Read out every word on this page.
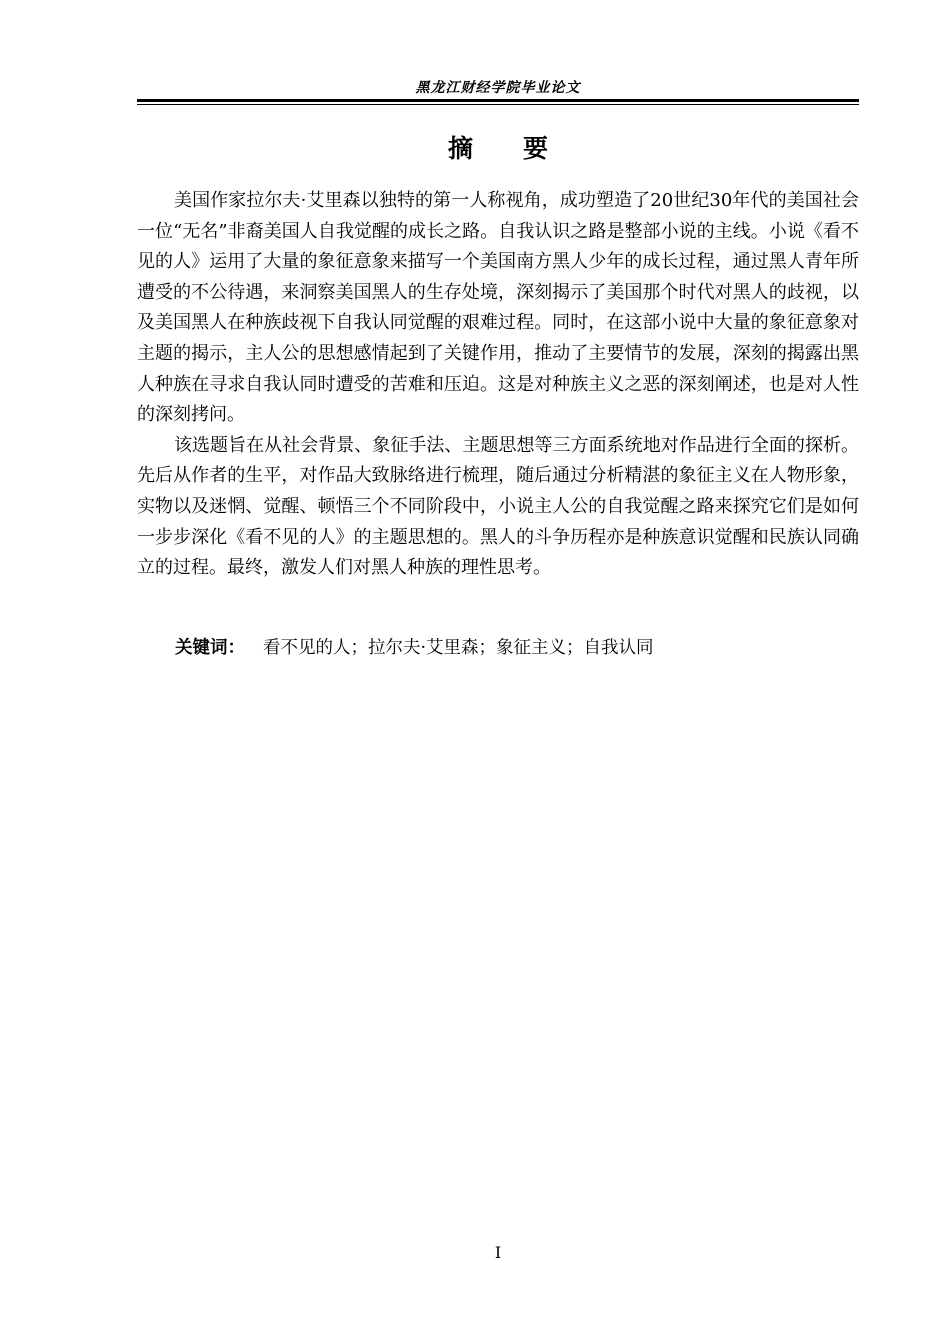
黑龙江财经学院毕业论文
摘　　要

美国作家拉尔夫·艾里森以独特的第一人称视角，成功塑造了20世纪30年代的美国社会一位“无名”非裔美国人自我觉醒的成长之路。自我认识之路是整部小说的主线。小说《看不见的人》运用了大量的象征意象来描写一个美国南方黑人少年的成长过程，通过黑人青年所遭受的不公待遇，来洞察美国黑人的生存处境，深刻揭示了美国那个时代对黑人的歧视，以及美国黑人在种族歧视下自我认同觉醒的艰难过程。同时，在这部小说中大量的象征意象对主题的揭示，主人公的思想感情起到了关键作用，推动了主要情节的发展，深刻的揭露出黑人种族在寻求自我认同时遭受的苦难和压迫。这是对种族主义之恶的深刻阐述，也是对人性的深刻拷问。

该选题旨在从社会背景、象征手法、主题思想等三方面系统地对作品进行全面的探析。先后从作者的生平，对作品大致脉络进行梳理，随后通过分析精湛的象征主义在人物形象，实物以及迷惘、觉醒、顿悟三个不同阶段中，小说主人公的自我觉醒之路来探究它们是如何一步步深化《看不见的人》的主题思想的。黑人的斗争历程亦是种族意识觉醒和民族认同确立的过程。最终，激发人们对黑人种族的理性思考。

关键词： 看不见的人；拉尔夫·艾里森；象征主义；自我认同
I
